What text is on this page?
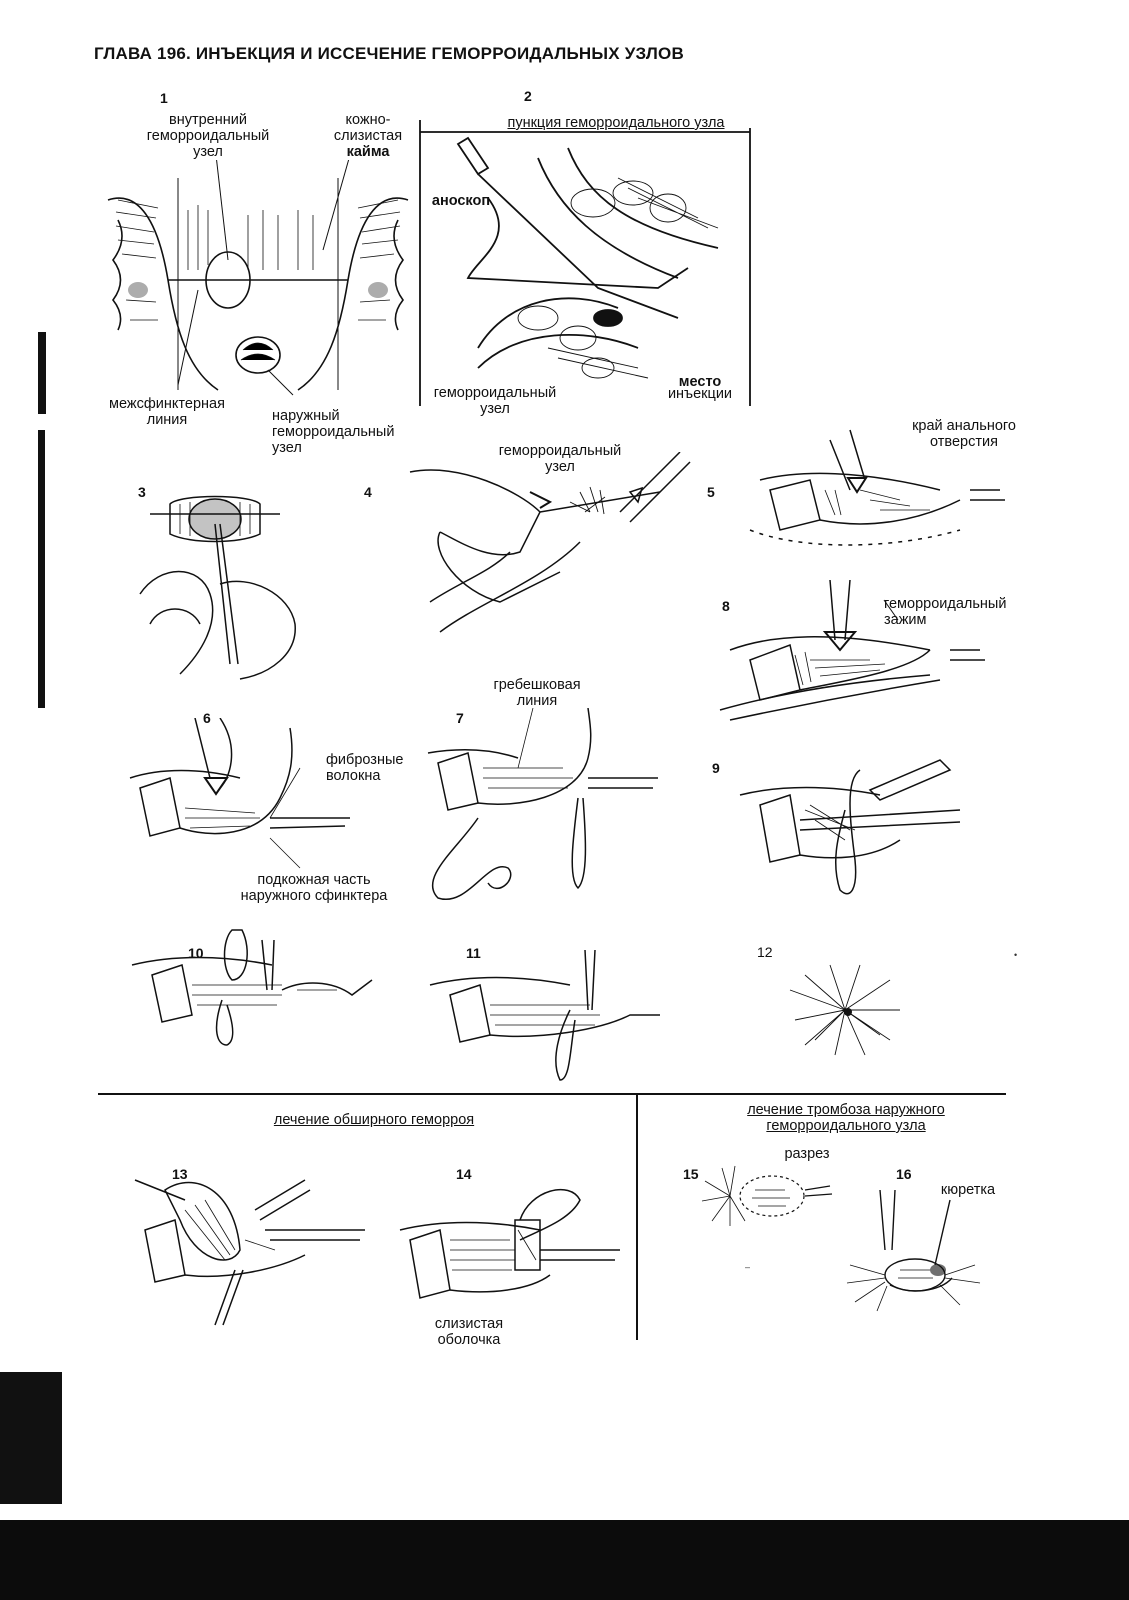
ГЛАВА 196. ИНЪЕКЦИЯ И ИССЕЧЕНИЕ ГЕМОРРОИДАЛЬНЫХ УЗЛОВ
1
внутренний
геморроидальный
узел
кожно-
слизистая
кайма
межсфинктерная
линия	наружный
геморроидальный
узел
2
пункция геморроидального узла
аноскоп
геморроидальный
узел
место
инъекции
3	4
геморроидальный
узел
5
край анального
отверстия
8	геморроидальный
зажим
6
фиброзные
волокна
подкожная часть
наружного сфинктера
7
гребешковая
линия
9
10	11	12
лечение обширного геморроя
лечение тромбоза наружного
геморроидального узла
13	14
слизистая
оболочка
15
разрез
16
кюретка
•
–
